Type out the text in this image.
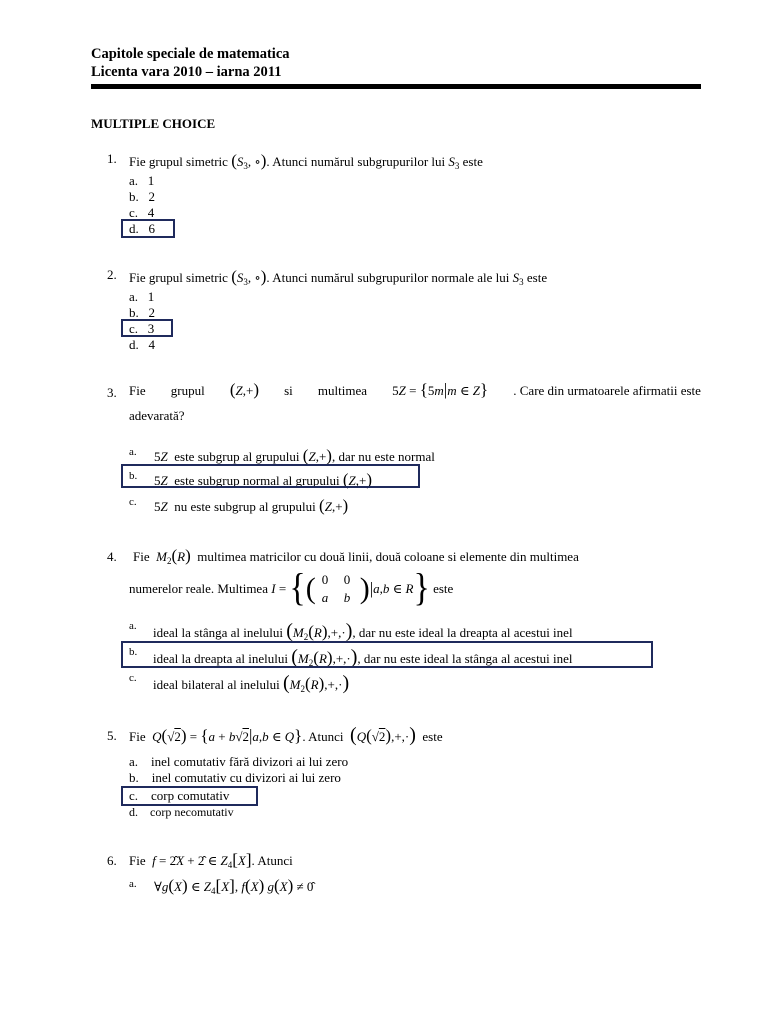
Capitole speciale de matematica
Licenta vara 2010 – iarna 2011
MULTIPLE CHOICE
1. Fie grupul simetric ($S_3$, ∘). Atunci numărul subgrupurilor lui $S_3$ este
a. 1
b. 2
c. 4
d. 6
2. Fie grupul simetric ($S_3$, ∘). Atunci numărul subgrupurilor normale ale lui $S_3$ este
a. 1
b. 2
c. 3
d. 4
3. Fie grupul (Z,+) si multimea 5Z = {5m|m ∈ Z} . Care din urmatoarele afirmatii este
adevarată?
a. 5Z este subgrup al grupului (Z,+), dar nu este normal
b. 5Z este subgrup normal al grupului (Z,+)
c. 5Z nu este subgrup al grupului (Z,+)
4. Fie $M_2(R)$ multimea matricilor cu două linii, două coloane si elemente din multimea
numerelor reale. Multimea
I = { ( 0 0
a b ) | a , b ∈ R }
este
a. ideal la stânga al inelului $(M_2(R),+,\cdot)$, dar nu este ideal la dreapta al acestui inel
b. ideal la dreapta al inelului $(M_2(R),+,\cdot)$, dar nu este ideal la stânga al acestui inel
c. ideal bilateral al inelului $(M_2(R),+,\cdot)$
5. Fie Q(√2) = {a + b√2|a,b ∈ Q}. Atunci (Q(√2),+,·) este
a. inel comutativ fără divizori ai lui zero
b. inel comutativ cu divizori ai lui zero
c. corp comutativ
d. corp necomutativ
6. Fie f = 2̂X + 2̂ ∈ $Z_4[X]$. Atunci
a. ∀g(X) ∈ $Z_4[X]$, f(X) g(X) ≠ 0̂
